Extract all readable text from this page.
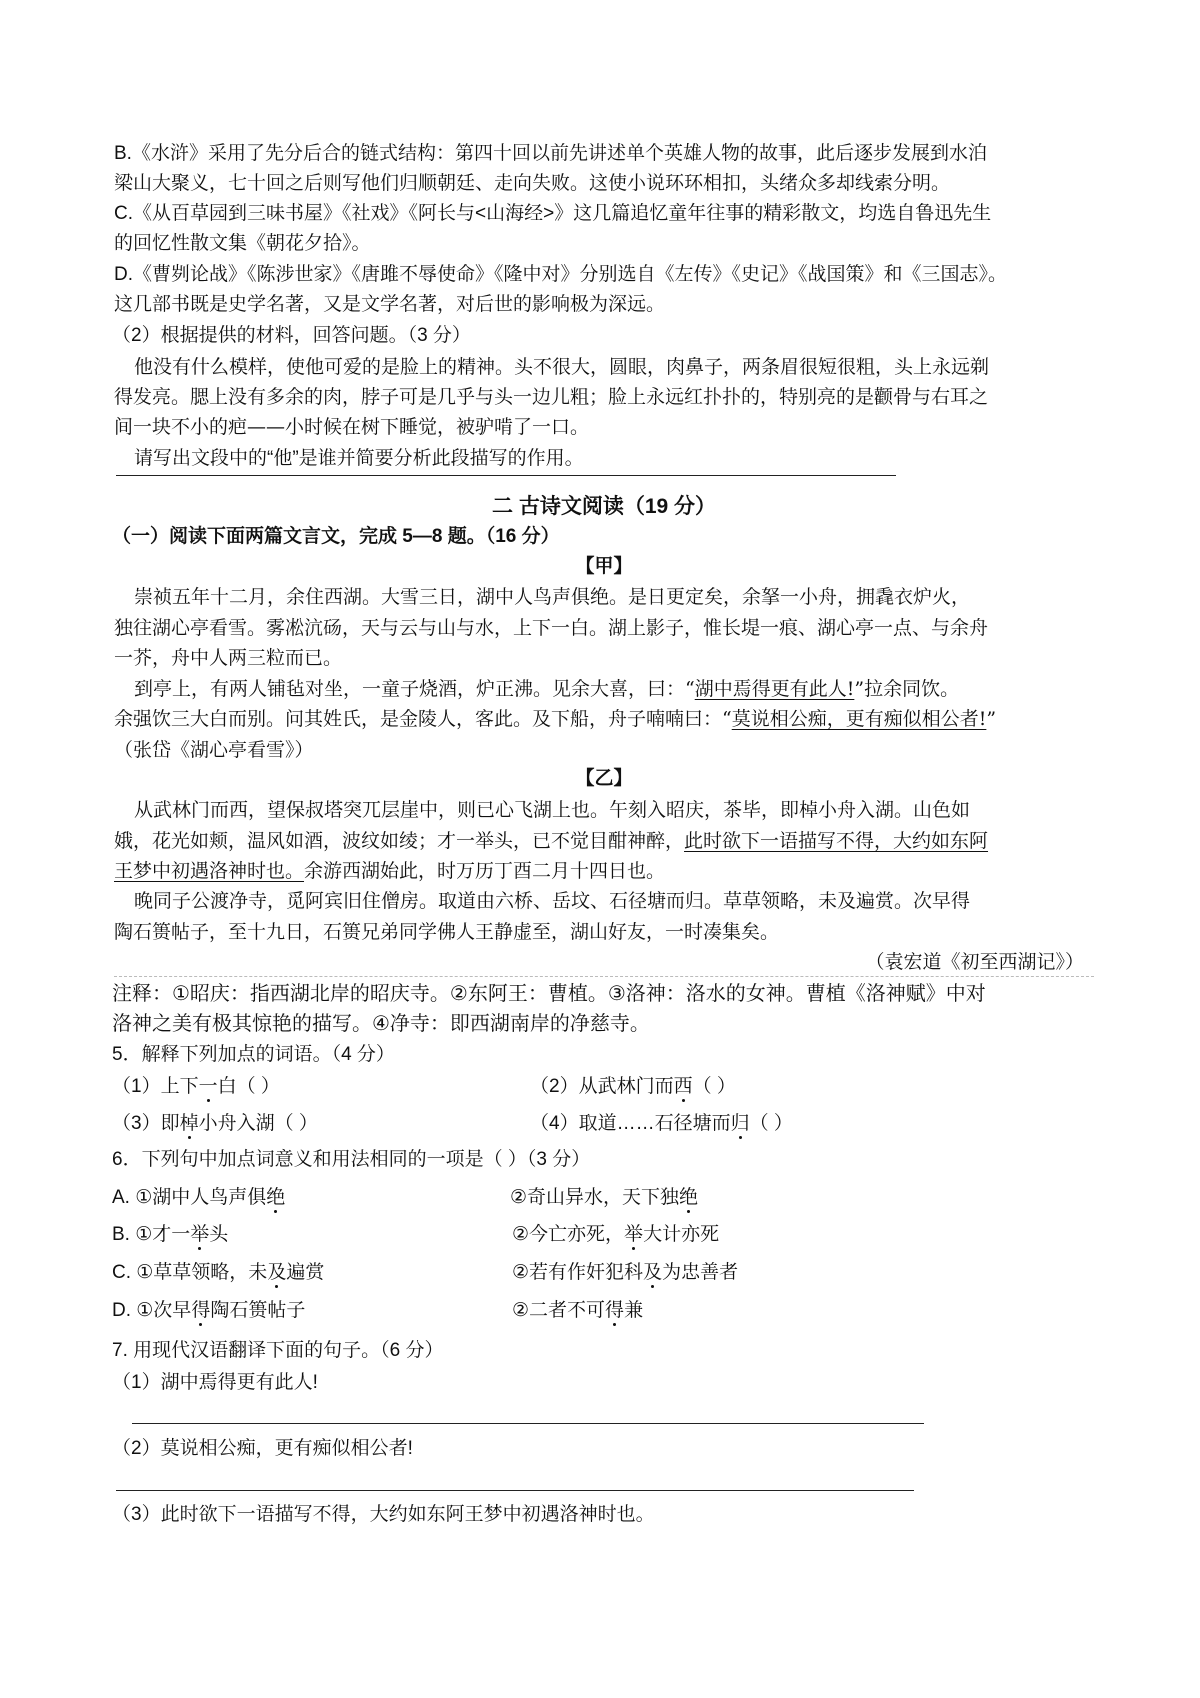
B.《水浒》采用了先分后合的链式结构：第四十回以前先讲述单个英雄人物的故事，此后逐步发展到水泊
梁山大聚义，七十回之后则写他们归顺朝廷、走向失败。这使小说环环相扣，头绪众多却线索分明。
C.《从百草园到三味书屋》《社戏》《阿长与<山海经>》这几篇追忆童年往事的精彩散文，均选自鲁迅先生
的回忆性散文集《朝花夕拾》。
D.《曹刿论战》《陈涉世家》《唐雎不辱使命》《隆中对》分别选自《左传》《史记》《战国策》和《三国志》。
这几部书既是史学名著，又是文学名著，对后世的影响极为深远。
（2）根据提供的材料，回答问题。（3 分）
他没有什么模样，使他可爱的是脸上的精神。头不很大，圆眼，肉鼻子，两条眉很短很粗，头上永远剃
得发亮。腮上没有多余的肉，脖子可是几乎与头一边儿粗；脸上永远红扑扑的，特别亮的是颧骨与右耳之
间一块不小的疤——小时候在树下睡觉，被驴啃了一口。
请写出文段中的“他”是谁并简要分析此段描写的作用。
二 古诗文阅读（19 分）
（一）阅读下面两篇文言文，完成 5—8 题。（16 分）
【甲】
崇祯五年十二月，余住西湖。大雪三日，湖中人鸟声俱绝。是日更定矣，余拏一小舟，拥毳衣炉火，
独往湖心亭看雪。雾凇沆砀，天与云与山与水，上下一白。湖上影子，惟长堤一痕、湖心亭一点、与余舟
一芥，舟中人两三粒而已。
到亭上，有两人铺毡对坐，一童子烧酒，炉正沸。见余大喜，曰：“湖中焉得更有此人!”拉余同饮。
余强饮三大白而别。问其姓氏，是金陵人，客此。及下船，舟子喃喃曰：“莫说相公痴，更有痴似相公者!”
（张岱《湖心亭看雪》）
【乙】
从武林门而西，望保叔塔突兀层崖中，则已心飞湖上也。午刻入昭庆，茶毕，即棹小舟入湖。山色如
娥，花光如颊，温风如酒，波纹如绫；才一举头，已不觉目酣神醉，此时欲下一语描写不得，大约如东阿
王梦中初遇洛神时也。余游西湖始此，时万历丁酉二月十四日也。
晚同子公渡净寺，觅阿宾旧住僧房。取道由六桥、岳坟、石径塘而归。草草领略，未及遍赏。次早得
陶石篑帖子，至十九日，石篑兄弟同学佛人王静虚至，湖山好友，一时凑集矣。
（袁宏道《初至西湖记》）
注释：①昭庆：指西湖北岸的昭庆寺。②东阿王：曹植。③洛神：洛水的女神。曹植《洛神赋》中对
洛神之美有极其惊艳的描写。④净寺：即西湖南岸的净慈寺。
5．解释下列加点的词语。（4 分）
（1）上下一白（ ）	（2）从武林门而西（ ）
（3）即棹小舟入湖（ ）	（4）取道……石径塘而归（ ）
6．下列句中加点词意义和用法相同的一项是（ ）（3 分）
A. ①湖中人鸟声俱绝	②奇山异水，天下独绝
B. ①才一举头	②今亡亦死，举大计亦死
C. ①草草领略，未及遍赏	②若有作奸犯科及为忠善者
D. ①次早得陶石篑帖子	②二者不可得兼
7. 用现代汉语翻译下面的句子。（6 分）
（1）湖中焉得更有此人!
（2）莫说相公痴，更有痴似相公者!
（3）此时欲下一语描写不得，大约如东阿王梦中初遇洛神时也。
